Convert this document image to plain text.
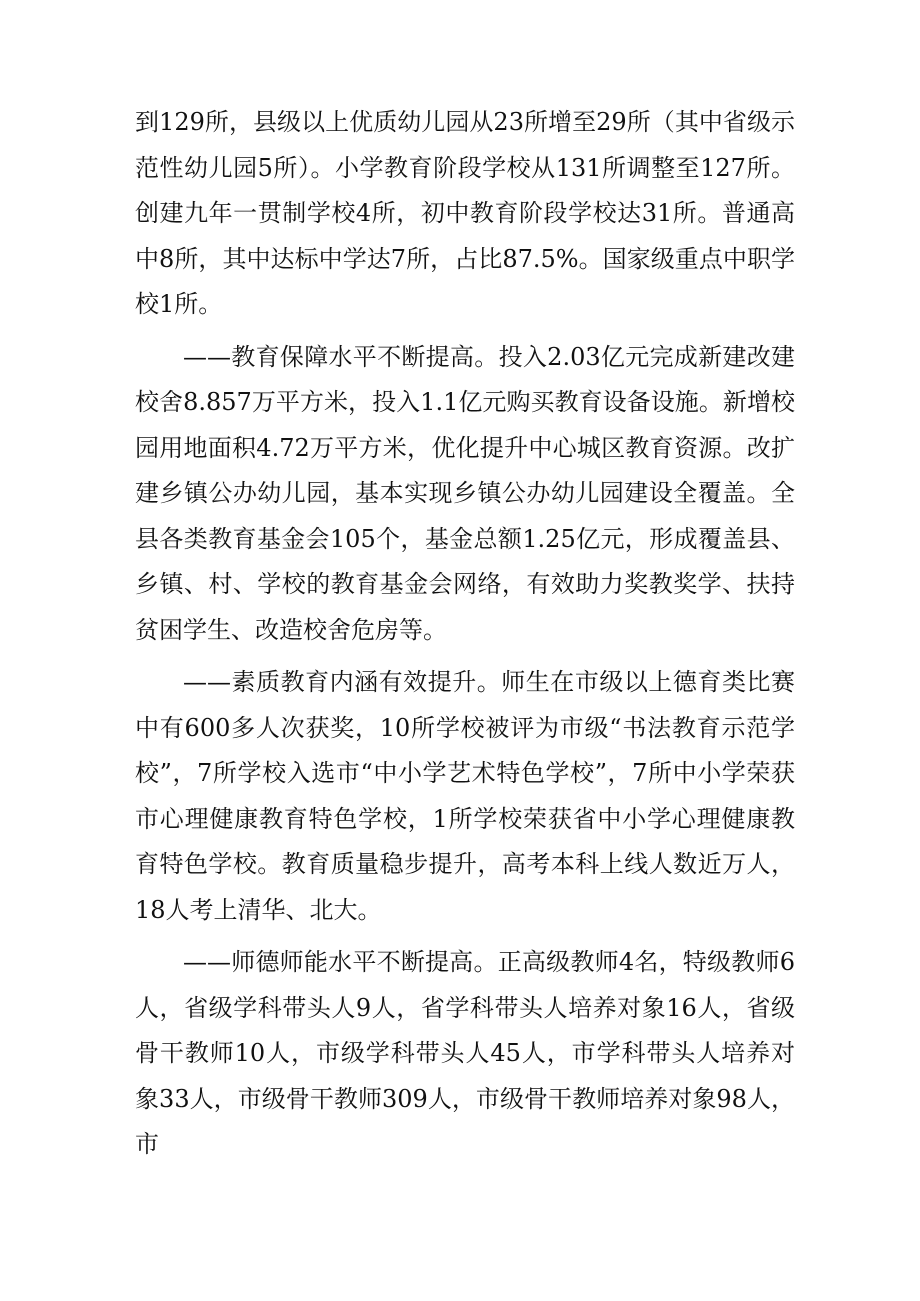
到129所，县级以上优质幼儿园从23所增至29所（其中省级示范性幼儿园5所）。小学教育阶段学校从131所调整至127所。创建九年一贯制学校4所，初中教育阶段学校达31所。普通高中8所，其中达标中学达7所，占比87.5%。国家级重点中职学校1所。

——教育保障水平不断提高。投入2.03亿元完成新建改建校舍8.857万平方米，投入1.1亿元购买教育设备设施。新增校园用地面积4.72万平方米，优化提升中心城区教育资源。改扩建乡镇公办幼儿园，基本实现乡镇公办幼儿园建设全覆盖。全县各类教育基金会105个，基金总额1.25亿元，形成覆盖县、乡镇、村、学校的教育基金会网络，有效助力奖教奖学、扶持贫困学生、改造校舍危房等。

——素质教育内涵有效提升。师生在市级以上德育类比赛中有600多人次获奖，10所学校被评为市级“书法教育示范学校”，7所学校入选市“中小学艺术特色学校”，7所中小学荣获市心理健康教育特色学校，1所学校荣获省中小学心理健康教育特色学校。教育质量稳步提升，高考本科上线人数近万人，18人考上清华、北大。

——师德师能水平不断提高。正高级教师4名，特级教师6人，省级学科带头人9人，省学科带头人培养对象16人，省级骨干教师10人，市级学科带头人45人，市学科带头人培养对象33人，市级骨干教师309人，市级骨干教师培养对象98人，市
